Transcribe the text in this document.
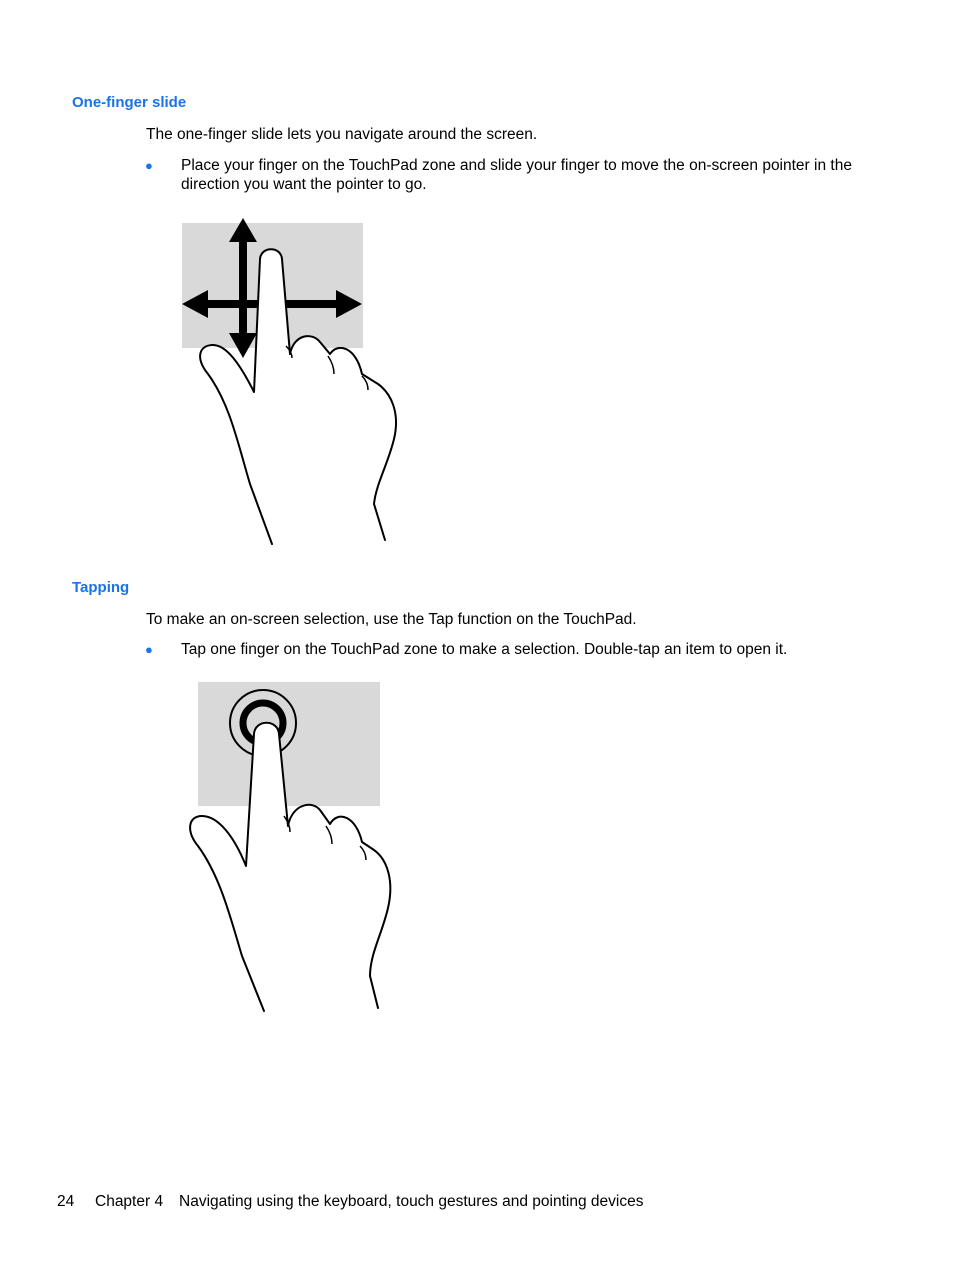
One-finger slide

The one-finger slide lets you navigate around the screen.

● Place your finger on the TouchPad zone and slide your finger to move the on-screen pointer in the direction you want the pointer to go.

Tapping

To make an on-screen selection, use the Tap function on the TouchPad.

● Tap one finger on the TouchPad zone to make a selection. Double-tap an item to open it.

24 Chapter 4 Navigating using the keyboard, touch gestures and pointing devices
